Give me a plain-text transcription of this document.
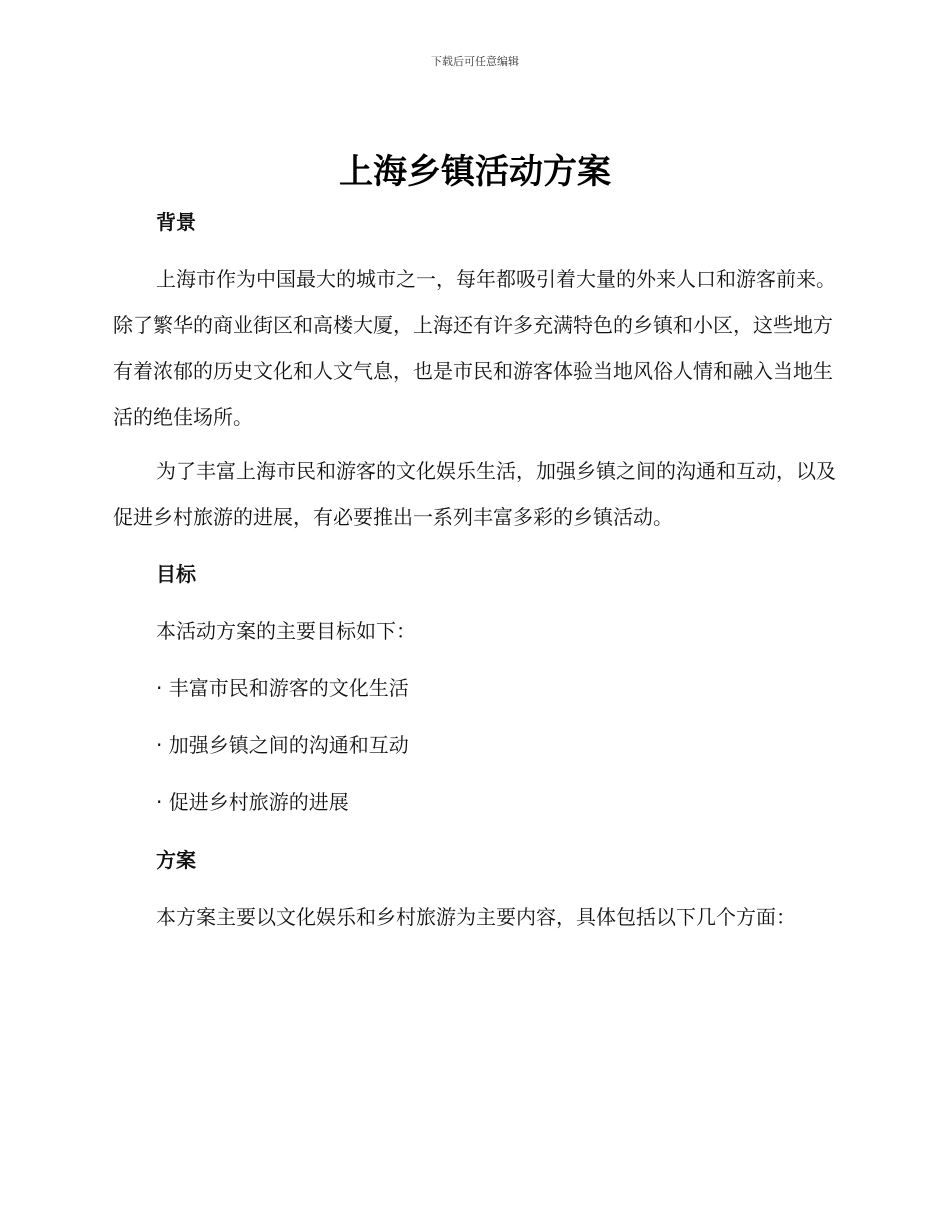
下载后可任意编辑
上海乡镇活动方案
背景

上海市作为中国最大的城市之一，每年都吸引着大量的外来人口和游客前来。除了繁华的商业街区和高楼大厦，上海还有许多充满特色的乡镇和小区，这些地方有着浓郁的历史文化和人文气息，也是市民和游客体验当地风俗人情和融入当地生活的绝佳场所。

为了丰富上海市民和游客的文化娱乐生活，加强乡镇之间的沟通和互动，以及促进乡村旅游的进展，有必要推出一系列丰富多彩的乡镇活动。

目标
本活动方案的主要目标如下：
· 丰富市民和游客的文化生活
· 加强乡镇之间的沟通和互动
· 促进乡村旅游的进展
方案

本方案主要以文化娱乐和乡村旅游为主要内容，具体包括以下几个方面：
